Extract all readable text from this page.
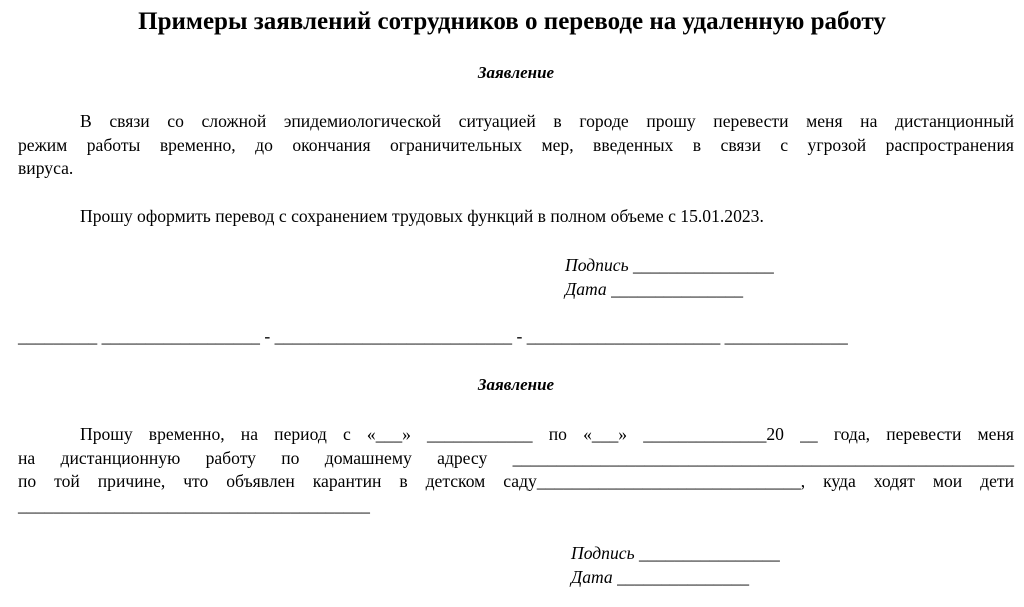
Примеры заявлений сотрудников о переводе на удаленную работу
Заявление
В связи со сложной эпидемиологической ситуацией в городе прошу перевести меня на дистанционный
режим работы временно, до окончания ограничительных мер, введенных в связи с угрозой распространения
вируса.
Прошу оформить перевод с сохранением трудовых функций в полном объеме с 15.01.2023.
Подпись ________________
Дата _______________
_________ __________________ - ___________________________ - ______________________ ______________
Заявление
Прошу временно, на период с «___» ____________ по «___» ______________20 __ года, перевести меня
на дистанционную работу по домашнему адресу _________________________________________________________
по той причине, что объявлен карантин в детском саду______________________________, куда ходят мои дети
________________________________________
Подпись ________________
Дата _______________
